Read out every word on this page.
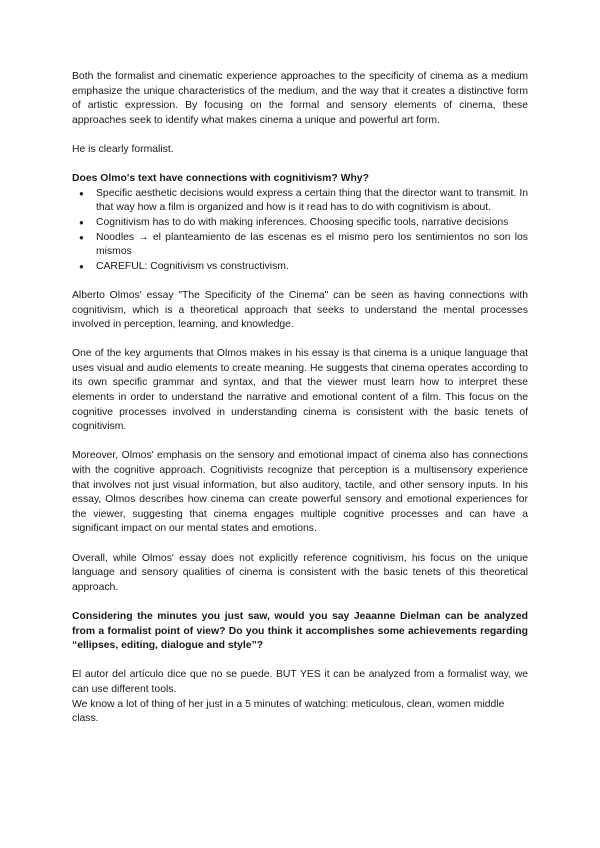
Both the formalist and cinematic experience approaches to the specificity of cinema as a medium emphasize the unique characteristics of the medium, and the way that it creates a distinctive form of artistic expression. By focusing on the formal and sensory elements of cinema, these approaches seek to identify what makes cinema a unique and powerful art form.

He is clearly formalist.

Does Olmo's text have connections with cognitivism? Why?

● Specific aesthetic decisions would express a certain thing that the director want to transmit. In that way how a film is organized and how is it read has to do with cognitivism is about.
● Cognitivism has to do with making inferences. Choosing specific tools, narrative decisions
● Noodles → el planteamiento de las escenas es el mismo pero los sentimientos no son los mismos
● CAREFUL: Cognitivism vs constructivism.

Alberto Olmos' essay "The Specificity of the Cinema" can be seen as having connections with cognitivism, which is a theoretical approach that seeks to understand the mental processes involved in perception, learning, and knowledge.

One of the key arguments that Olmos makes in his essay is that cinema is a unique language that uses visual and audio elements to create meaning. He suggests that cinema operates according to its own specific grammar and syntax, and that the viewer must learn how to interpret these elements in order to understand the narrative and emotional content of a film. This focus on the cognitive processes involved in understanding cinema is consistent with the basic tenets of cognitivism.

Moreover, Olmos' emphasis on the sensory and emotional impact of cinema also has connections with the cognitive approach. Cognitivists recognize that perception is a multisensory experience that involves not just visual information, but also auditory, tactile, and other sensory inputs. In his essay, Olmos describes how cinema can create powerful sensory and emotional experiences for the viewer, suggesting that cinema engages multiple cognitive processes and can have a significant impact on our mental states and emotions.

Overall, while Olmos' essay does not explicitly reference cognitivism, his focus on the unique language and sensory qualities of cinema is consistent with the basic tenets of this theoretical approach.

Considering the minutes you just saw, would you say Jeaanne Dielman can be analyzed from a formalist point of view? Do you think it accomplishes some achievements regarding “ellipses, editing, dialogue and style”?

El autor del artículo dice que no se puede. BUT YES it can be analyzed from a formalist way, we can use different tools.

We know a lot of thing of her just in a 5 minutes of watching: meticulous, clean, women middle class.
